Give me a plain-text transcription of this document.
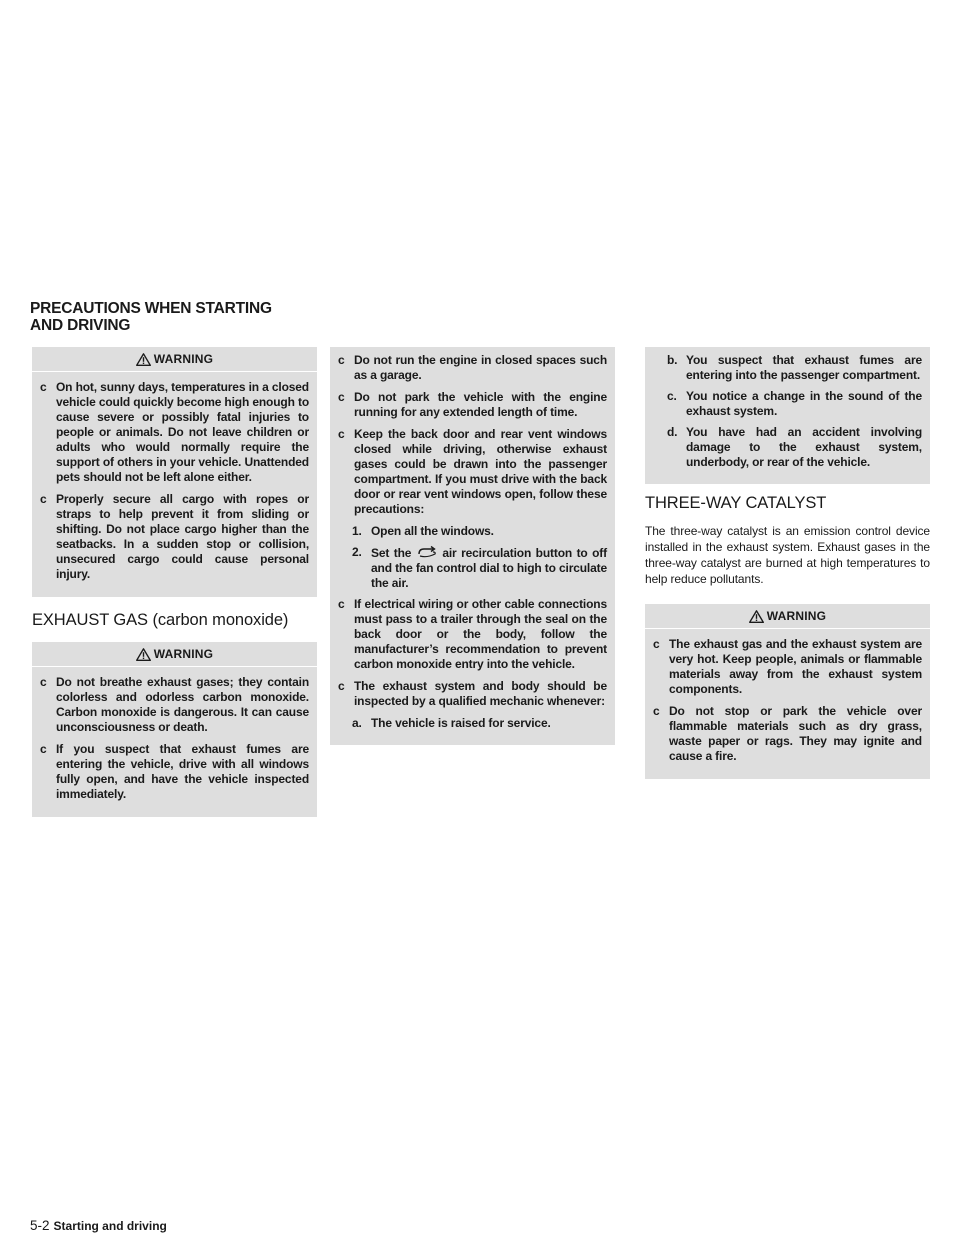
PRECAUTIONS WHEN STARTING
AND DRIVING
WARNING
c On hot, sunny days, temperatures in a closed vehicle could quickly become high enough to cause severe or possibly fatal injuries to people or animals. Do not leave children or adults who would normally require the support of others in your vehicle. Unattended pets should not be left alone either.
c Properly secure all cargo with ropes or straps to help prevent it from sliding or shifting. Do not place cargo higher than the seatbacks. In a sudden stop or collision, unsecured cargo could cause personal injury.
EXHAUST GAS (carbon monoxide)
WARNING
c Do not breathe exhaust gases; they contain colorless and odorless carbon monoxide. Carbon monoxide is dangerous. It can cause unconsciousness or death.
c If you suspect that exhaust fumes are entering the vehicle, drive with all windows fully open, and have the vehicle inspected immediately.
c Do not run the engine in closed spaces such as a garage.
c Do not park the vehicle with the engine running for any extended length of time.
c Keep the back door and rear vent windows closed while driving, otherwise exhaust gases could be drawn into the passenger compartment. If you must drive with the back door or rear vent windows open, follow these precautions:
1. Open all the windows.
2. Set the	air recirculation button to off and the fan control dial to high to circulate the air.
c If electrical wiring or other cable connections must pass to a trailer through the seal on the back door or the body, follow the manufacturer’s recommendation to prevent carbon monoxide entry into the vehicle.
c The exhaust system and body should be inspected by a qualified mechanic whenever:
a. The vehicle is raised for service.
b. You suspect that exhaust fumes are entering into the passenger compartment.
c. You notice a change in the sound of the exhaust system.
d. You have had an accident involving damage to the exhaust system, underbody, or rear of the vehicle.
THREE-WAY CATALYST
The three-way catalyst is an emission control device installed in the exhaust system. Exhaust gases in the three-way catalyst are burned at high temperatures to help reduce pollutants.
WARNING
c The exhaust gas and the exhaust system are very hot. Keep people, animals or flammable materials away from the exhaust system components.
c Do not stop or park the vehicle over flammable materials such as dry grass, waste paper or rags. They may ignite and cause a fire.
5-2 Starting and driving
